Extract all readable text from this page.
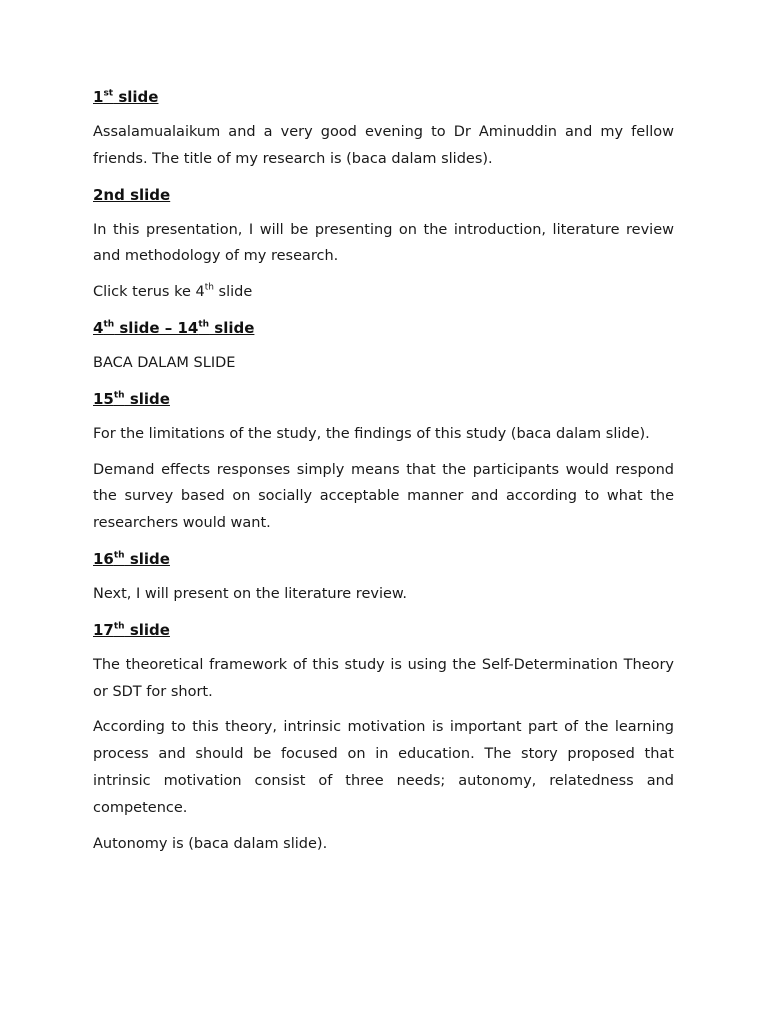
1st slide

Assalamualaikum and a very good evening to Dr Aminuddin and my fellow friends. The title of my research is (baca dalam slides).

2nd slide

In this presentation, I will be presenting on the introduction, literature review and methodology of my research.

Click terus ke 4th slide

4th slide – 14th slide

BACA DALAM SLIDE

15th slide

For the limitations of the study, the findings of this study (baca dalam slide).

Demand effects responses simply means that the participants would respond the survey based on socially acceptable manner and according to what the researchers would want.

16th slide

Next, I will present on the literature review.

17th slide

The theoretical framework of this study is using the Self-Determination Theory or SDT for short.

According to this theory, intrinsic motivation is important part of the learning process and should be focused on in education. The story proposed that intrinsic motivation consist of three needs; autonomy, relatedness and competence.

Autonomy is (baca dalam slide).
